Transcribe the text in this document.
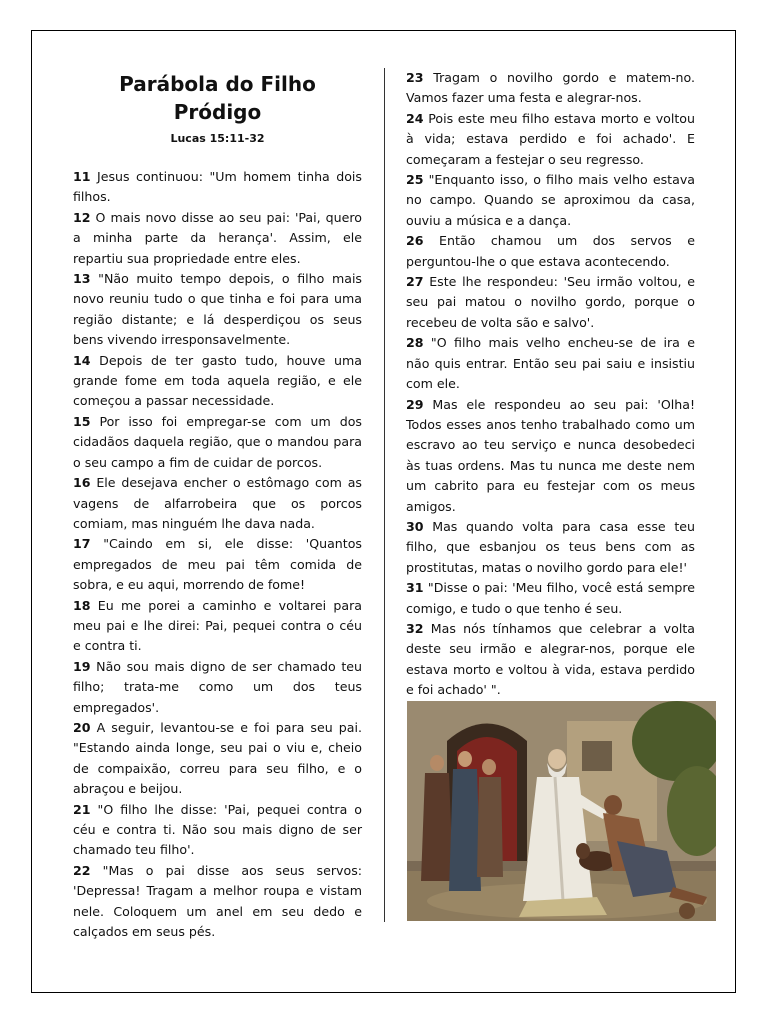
Parábola do Filho Pródigo
Lucas 15:11-32

11 Jesus continuou: "Um homem tinha dois filhos.

12 O mais novo disse ao seu pai: 'Pai, quero a minha parte da herança'. Assim, ele repartiu sua propriedade entre eles.

13 "Não muito tempo depois, o filho mais novo reuniu tudo o que tinha e foi para uma região distante; e lá desperdiçou os seus bens vivendo irresponsavelmente.

14 Depois de ter gasto tudo, houve uma grande fome em toda aquela região, e ele começou a passar necessidade.

15 Por isso foi empregar-se com um dos cidadãos daquela região, que o mandou para o seu campo a fim de cuidar de porcos.

16 Ele desejava encher o estômago com as vagens de alfarrobeira que os porcos comiam, mas ninguém lhe dava nada.

17 "Caindo em si, ele disse: 'Quantos empregados de meu pai têm comida de sobra, e eu aqui, morrendo de fome!

18 Eu me porei a caminho e voltarei para meu pai e lhe direi: Pai, pequei contra o céu e contra ti.

19 Não sou mais digno de ser chamado teu filho; trata-me como um dos teus empregados'.

20 A seguir, levantou-se e foi para seu pai. "Estando ainda longe, seu pai o viu e, cheio de compaixão, correu para seu filho, e o abraçou e beijou.

21 "O filho lhe disse: 'Pai, pequei contra o céu e contra ti. Não sou mais digno de ser chamado teu filho'.

22 "Mas o pai disse aos seus servos: 'Depressa! Tragam a melhor roupa e vistam nele. Coloquem um anel em seu dedo e calçados em seus pés.

23 Tragam o novilho gordo e matem-no. Vamos fazer uma festa e alegrar-nos.

24 Pois este meu filho estava morto e voltou à vida; estava perdido e foi achado'. E começaram a festejar o seu regresso.

25 "Enquanto isso, o filho mais velho estava no campo. Quando se aproximou da casa, ouviu a música e a dança.

26 Então chamou um dos servos e perguntou-lhe o que estava acontecendo.

27 Este lhe respondeu: 'Seu irmão voltou, e seu pai matou o novilho gordo, porque o recebeu de volta são e salvo'.

28 "O filho mais velho encheu-se de ira e não quis entrar. Então seu pai saiu e insistiu com ele.

29 Mas ele respondeu ao seu pai: 'Olha! Todos esses anos tenho trabalhado como um escravo ao teu serviço e nunca desobedeci às tuas ordens. Mas tu nunca me deste nem um cabrito para eu festejar com os meus amigos.

30 Mas quando volta para casa esse teu filho, que esbanjou os teus bens com as prostitutas, matas o novilho gordo para ele!'

31 "Disse o pai: 'Meu filho, você está sempre comigo, e tudo o que tenho é seu.

32 Mas nós tínhamos que celebrar a volta deste seu irmão e alegrar-nos, porque ele estava morto e voltou à vida, estava perdido e foi achado' ".
